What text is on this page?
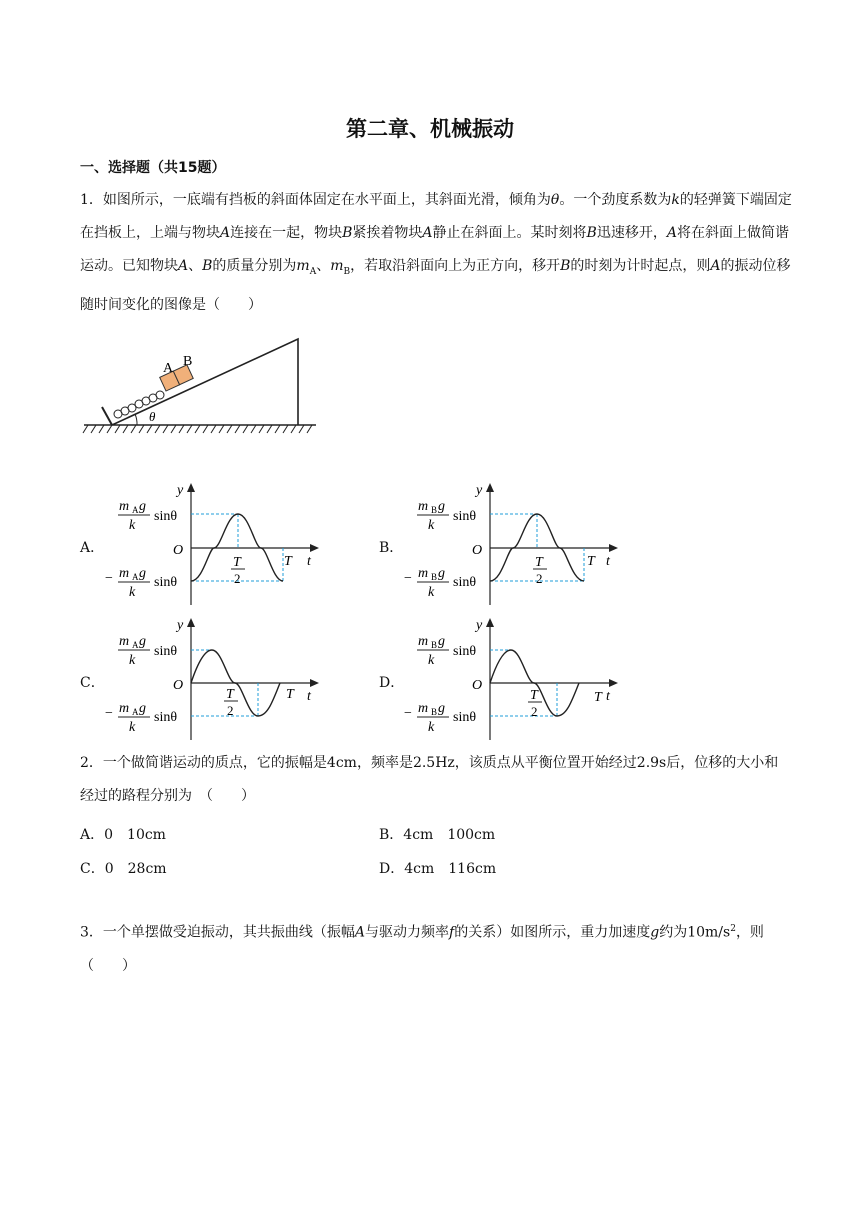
第二章、机械振动
一、选择题（共15题）
1．如图所示，一底端有挡板的斜面体固定在水平面上，其斜面光滑，倾角为θ。一个劲度系数为k的轻弹簧下端固定在挡板上，上端与物块A连接在一起，物块B紧挨着物块A静止在斜面上。某时刻将B迅速移开，A将在斜面上做简谐运动。已知物块A、B的质量分别为$m_A$、$m_B$，若取沿斜面向上为正方向，移开B的时刻为计时起点，则A的振动位移随时间变化的图像是（　　）
A B
θ
A．
m A g
k
sinθ
− m A g
k
sinθ
y
O
t
T
T
2
B．
m B g
k
sinθ
− m B g
k
sinθ
y
O
t
T
T
2
C．
m A g
k
sinθ
− m A g
k
sinθ
y
O
t
T
T
2
D．
m B g
k
sinθ
− m B g
k
sinθ
y
O
t
T
T
2
2．一个做简谐运动的质点，它的振幅是4cm，频率是2.5Hz，该质点从平衡位置开始经过2.9s后，位移的大小和经过的路程分别为　（　　）
A．0　10cm	B．4cm　100cm
C．0　28cm	D．4cm　116cm
3．一个单摆做受迫振动，其共振曲线（振幅A与驱动力频率f的关系）如图所示，重力加速度g约为$10m/s^2$，则（　　）
